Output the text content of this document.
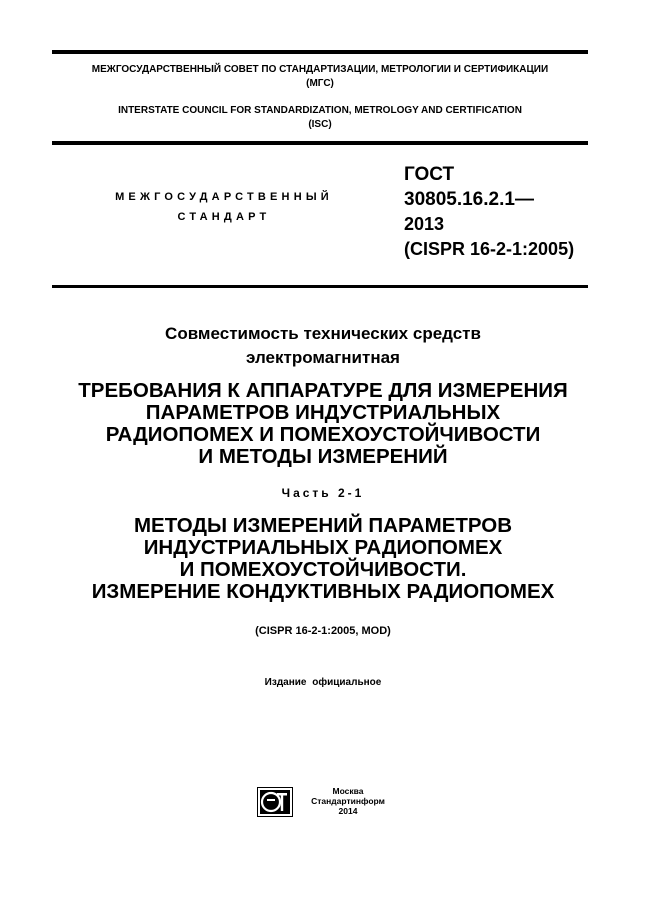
МЕЖГОСУДАРСТВЕННЫЙ СОВЕТ ПО СТАНДАРТИЗАЦИИ, МЕТРОЛОГИИ И СЕРТИФИКАЦИИ
(МГС)
INTERSTATE COUNCIL FOR STANDARDIZATION, METROLOGY AND CERTIFICATION
(ISC)
МЕЖГОСУДАРСТВЕННЫЙ
СТАНДАРТ
ГОСТ
30805.16.2.1—
2013
(CISPR 16-2-1:2005)
Совместимость технических средств
электромагнитная
ТРЕБОВАНИЯ К АППАРАТУРЕ ДЛЯ ИЗМЕРЕНИЯ
ПАРАМЕТРОВ ИНДУСТРИАЛЬНЫХ
РАДИОПОМЕХ И ПОМЕХОУСТОЙЧИВОСТИ
И МЕТОДЫ ИЗМЕРЕНИЙ
Часть 2-1
МЕТОДЫ ИЗМЕРЕНИЙ ПАРАМЕТРОВ
ИНДУСТРИАЛЬНЫХ РАДИОПОМЕХ
И ПОМЕХОУСТОЙЧИВОСТИ.
ИЗМЕРЕНИЕ КОНДУКТИВНЫХ РАДИОПОМЕХ
(CISPR 16-2-1:2005, MOD)
Издание официальное
Москва
Стандартинформ
2014
